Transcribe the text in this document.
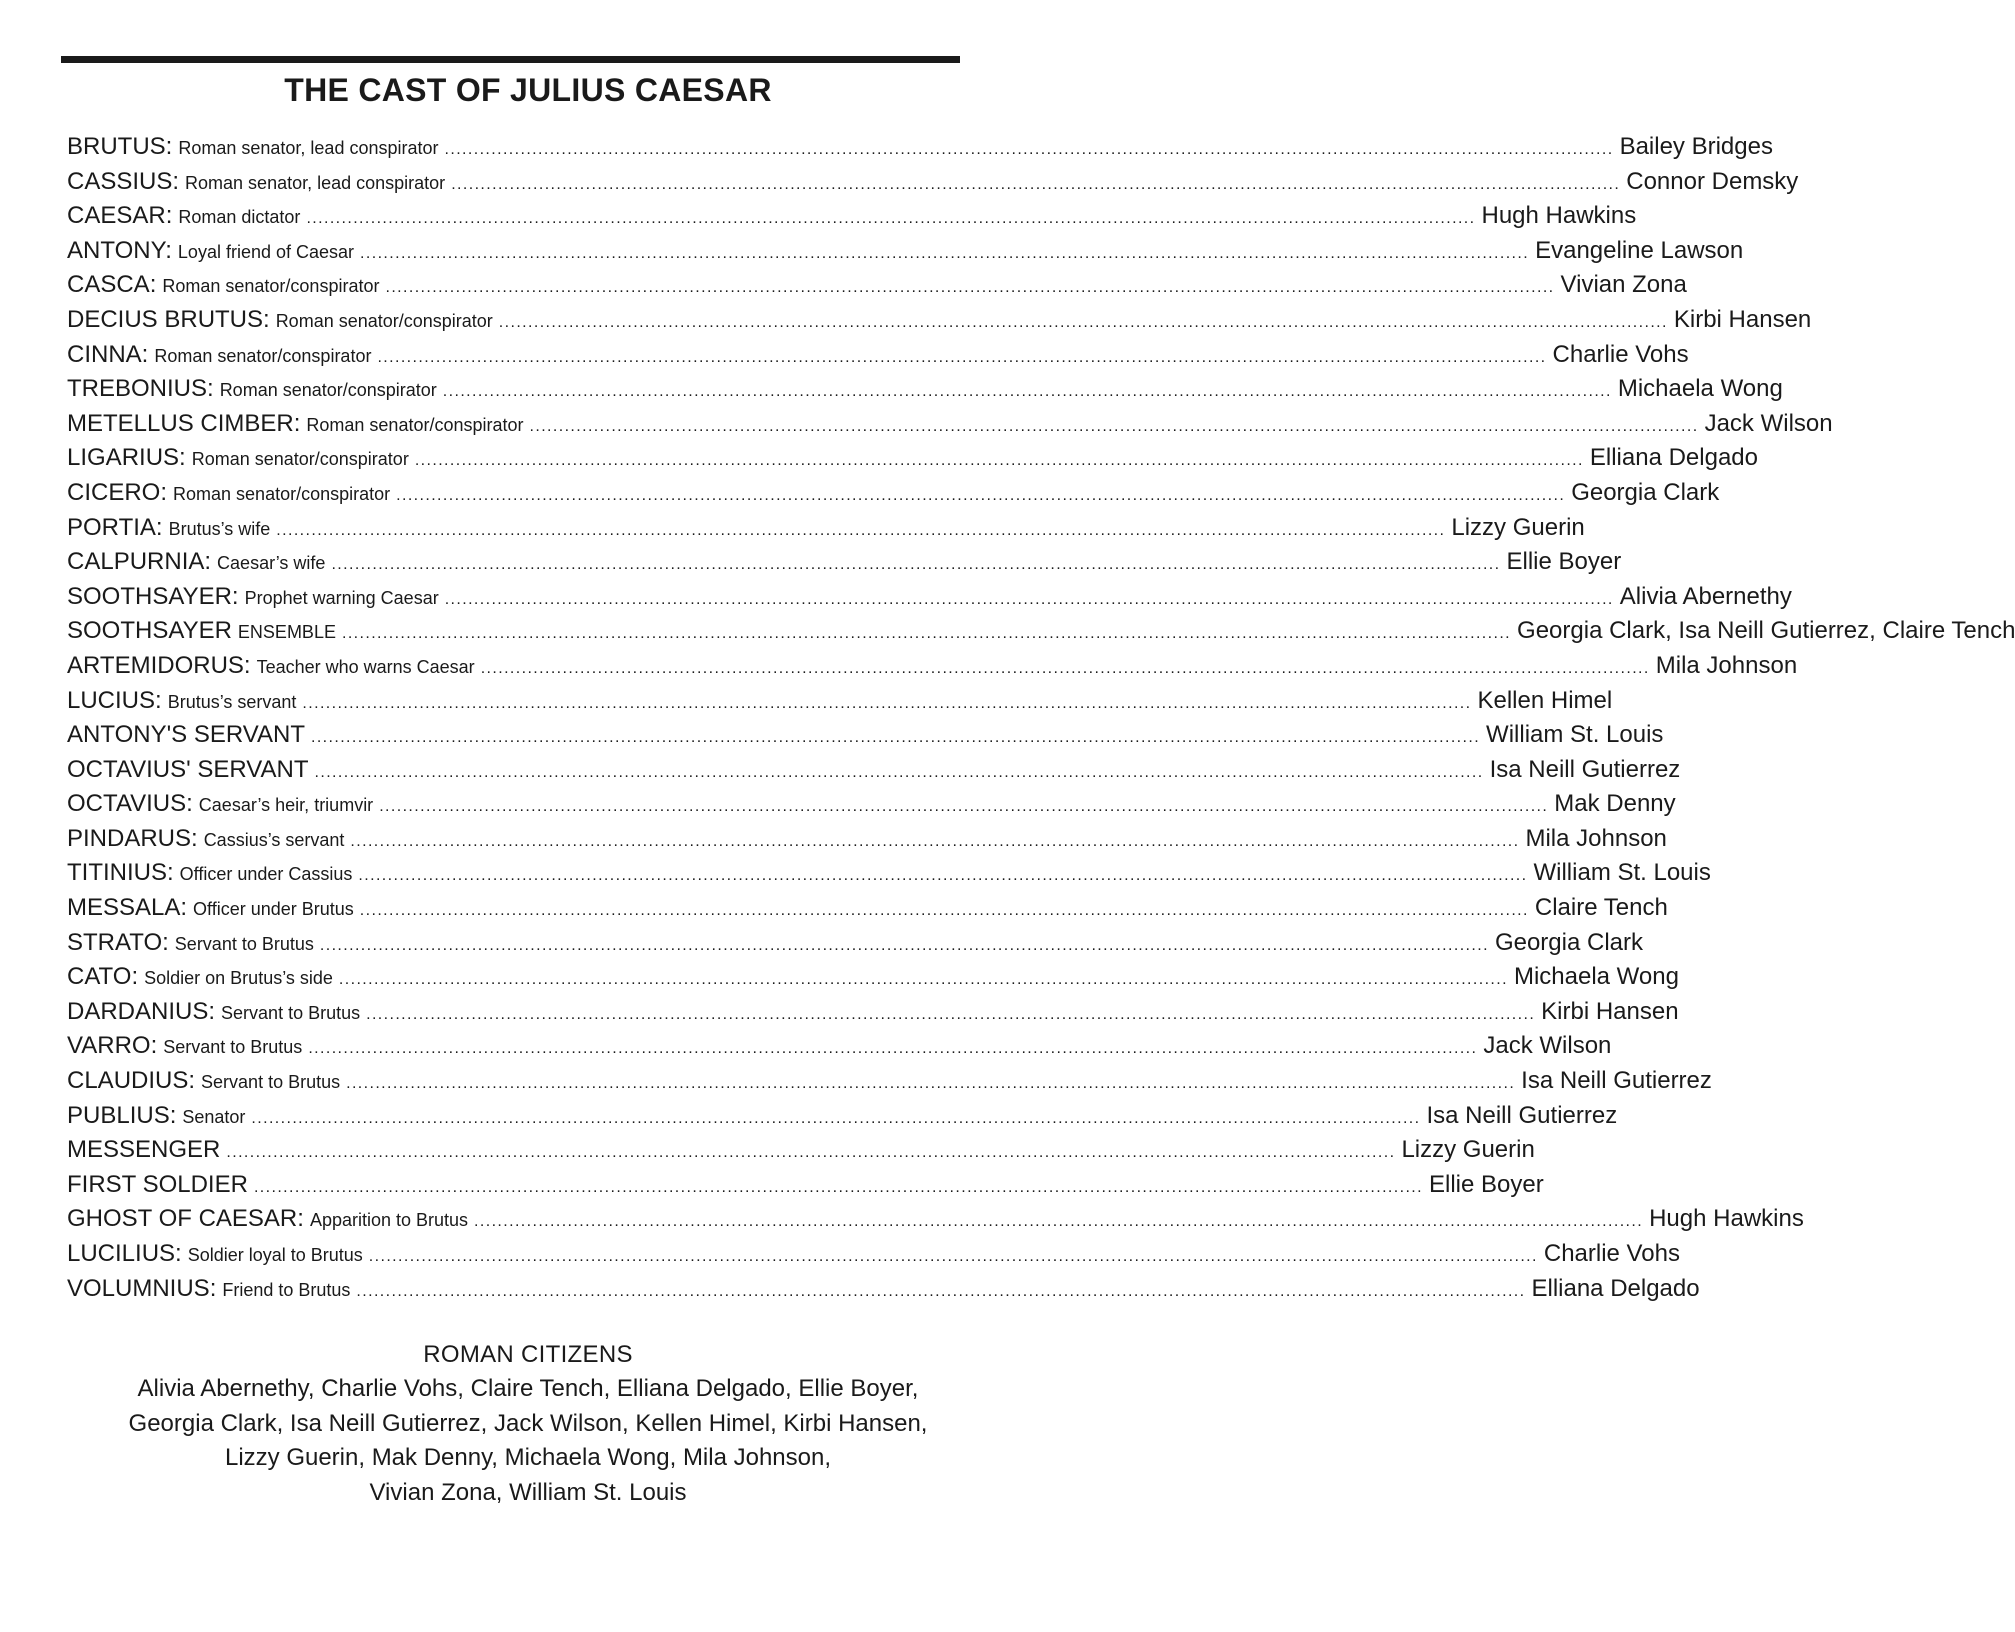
THE CAST OF JULIUS CAESAR
BRUTUS: Roman senator, lead conspirator ........................................................................................................................................................................................................ Bailey Bridges
CASSIUS: Roman senator, lead conspirator ........................................................................................................................................................................................................ Connor Demsky
CAESAR: Roman dictator ........................................................................................................................................................................................................ Hugh Hawkins
ANTONY: Loyal friend of Caesar ........................................................................................................................................................................................................ Evangeline Lawson
CASCA: Roman senator/conspirator ........................................................................................................................................................................................................ Vivian Zona
DECIUS BRUTUS: Roman senator/conspirator ........................................................................................................................................................................................................ Kirbi Hansen
CINNA: Roman senator/conspirator ........................................................................................................................................................................................................ Charlie Vohs
TREBONIUS: Roman senator/conspirator ........................................................................................................................................................................................................ Michaela Wong
METELLUS CIMBER: Roman senator/conspirator ........................................................................................................................................................................................................ Jack Wilson
LIGARIUS: Roman senator/conspirator ........................................................................................................................................................................................................ Elliana Delgado
CICERO: Roman senator/conspirator ........................................................................................................................................................................................................ Georgia Clark
PORTIA: Brutus’s wife ........................................................................................................................................................................................................ Lizzy Guerin
CALPURNIA: Caesar’s wife ........................................................................................................................................................................................................ Ellie Boyer
SOOTHSAYER: Prophet warning Caesar ........................................................................................................................................................................................................ Alivia Abernethy
SOOTHSAYER ENSEMBLE ........................................................................................................................................................................................................ Georgia Clark, Isa Neill Gutierrez, Claire Tench
ARTEMIDORUS: Teacher who warns Caesar ........................................................................................................................................................................................................ Mila Johnson
LUCIUS: Brutus’s servant ........................................................................................................................................................................................................ Kellen Himel
ANTONY'S SERVANT ........................................................................................................................................................................................................ William St. Louis
OCTAVIUS' SERVANT ........................................................................................................................................................................................................ Isa Neill Gutierrez
OCTAVIUS: Caesar’s heir, triumvir ........................................................................................................................................................................................................ Mak Denny
PINDARUS: Cassius’s servant ........................................................................................................................................................................................................ Mila Johnson
TITINIUS: Officer under Cassius ........................................................................................................................................................................................................ William St. Louis
MESSALA: Officer under Brutus ........................................................................................................................................................................................................ Claire Tench
STRATO: Servant to Brutus ........................................................................................................................................................................................................ Georgia Clark
CATO: Soldier on Brutus’s side ........................................................................................................................................................................................................ Michaela Wong
DARDANIUS: Servant to Brutus ........................................................................................................................................................................................................ Kirbi Hansen
VARRO: Servant to Brutus ........................................................................................................................................................................................................ Jack Wilson
CLAUDIUS: Servant to Brutus ........................................................................................................................................................................................................ Isa Neill Gutierrez
PUBLIUS: Senator ........................................................................................................................................................................................................ Isa Neill Gutierrez
MESSENGER ........................................................................................................................................................................................................ Lizzy Guerin
FIRST SOLDIER ........................................................................................................................................................................................................ Ellie Boyer
GHOST OF CAESAR: Apparition to Brutus ........................................................................................................................................................................................................ Hugh Hawkins
LUCILIUS: Soldier loyal to Brutus ........................................................................................................................................................................................................ Charlie Vohs
VOLUMNIUS: Friend to Brutus ........................................................................................................................................................................................................ Elliana Delgado
ROMAN CITIZENS
Alivia Abernethy, Charlie Vohs, Claire Tench, Elliana Delgado, Ellie Boyer,
Georgia Clark, Isa Neill Gutierrez, Jack Wilson, Kellen Himel, Kirbi Hansen,
Lizzy Guerin, Mak Denny, Michaela Wong, Mila Johnson,
Vivian Zona, William St. Louis
